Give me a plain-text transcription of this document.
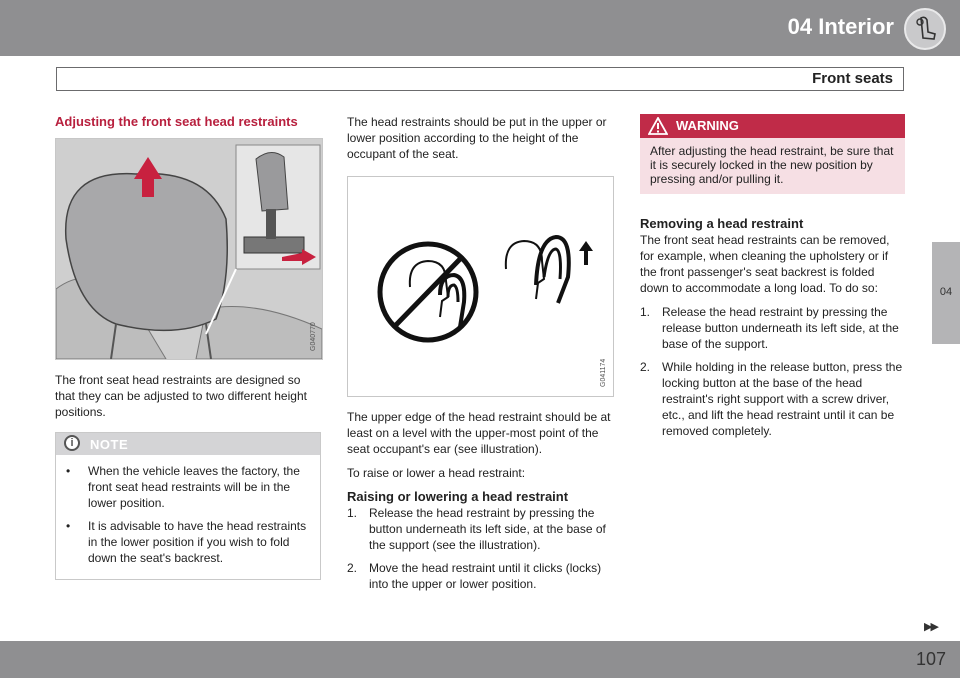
04 Interior
Front seats
04
Adjusting the front seat head restraints
G040770

The front seat head restraints are designed so that they can be adjusted to two different height positions.

i	NOTE
•	When the vehicle leaves the factory, the front seat head restraints will be in the lower position.
•	It is advisable to have the head restraints in the lower position if you wish to fold down the seat's backrest.

The head restraints should be put in the upper or lower position according to the height of the occupant of the seat.

G041174

The upper edge of the head restraint should be at least on a level with the upper-most point of the seat occupant's ear (see illustration).

To raise or lower a head restraint:

Raising or lowering a head restraint
1. Release the head restraint by pressing the button underneath its left side, at the base of the support (see the illustration).
2. Move the head restraint until it clicks (locks) into the upper or lower position.
WARNING
After adjusting the head restraint, be sure that it is securely locked in the new position by pressing and/or pulling it.
Removing a head restraint

The front seat head restraints can be removed, for example, when cleaning the upholstery or if the front passenger's seat backrest is folded down to accommodate a long load. To do so:

1. Release the head restraint by pressing the release button underneath its left side, at the base of the support.
2. While holding in the release button, press the locking button at the base of the head restraint's right support with a screw driver, etc., and lift the head restraint until it can be removed completely.
▶▶
107
